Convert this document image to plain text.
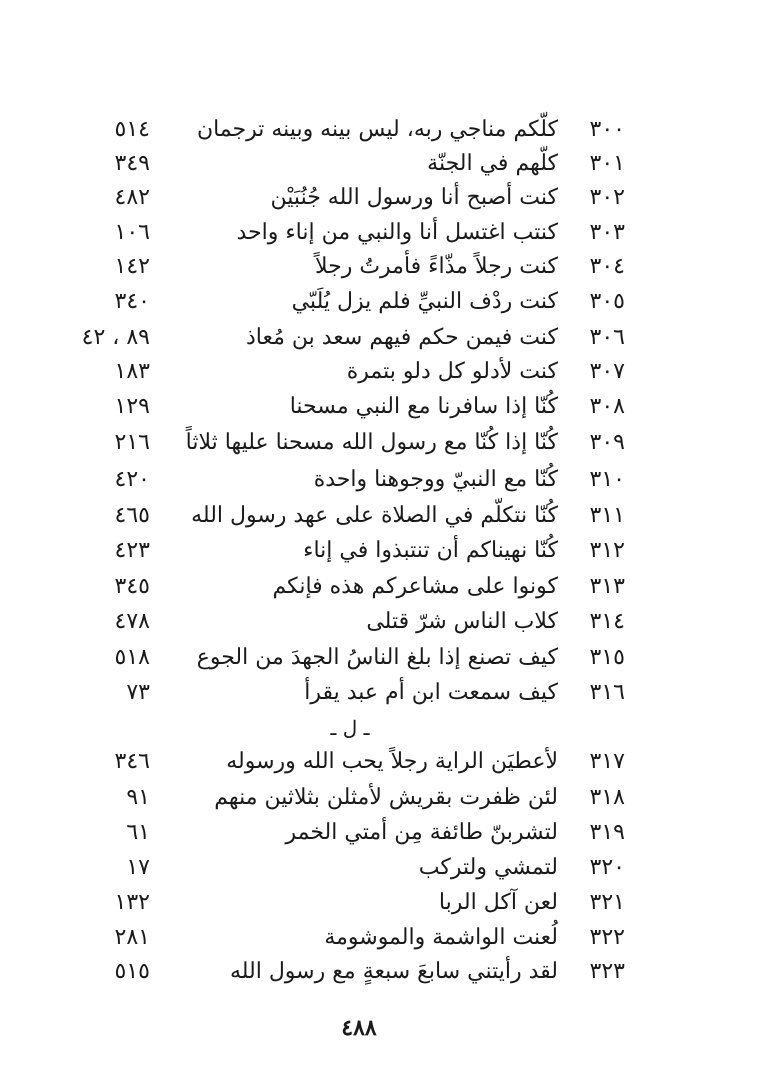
٣٠٠
كلّكم مناجي ربه، ليس بينه وبينه ترجمان
٥١٤
٣٠١
كلّهم في الجنّة
٣٤٩
٣٠٢
كنت أصبح أنا ورسول الله جُنُبَيْن
٤٨٢
٣٠٣
كنتب اغتسل أنا والنبي من إناء واحد
١٠٦
٣٠٤
كنت رجلاً مذّاءً فأمرتُ رجلاً
١٤٢
٣٠٥
كنت ردْف النبيِّ فلم يزل يُلَبّي
٣٤٠
٣٠٦
كنت فيمن حكم فيهم سعد بن مُعاذ
٨٩ ، ٤٢
٣٠٧
كنت لأدلو كل دلو بتمرة
١٨٣
٣٠٨
كُنّا إذا سافرنا مع النبي مسحنا
١٢٩
٣٠٩
كُنّا إذا كُنّا مع رسول الله مسحنا عليها ثلاثاً
٢١٦
٣١٠
كُنّا مع النبيّ ووجوهنا واحدة
٤٢٠
٣١١
كُنّا نتكلّم في الصلاة على عهد رسول الله
٤٦٥
٣١٢
كُنّا نهيناكم أن تنتبذوا في إناء
٤٢٣
٣١٣
كونوا على مشاعركم هذه فإنكم
٣٤٥
٣١٤
كلاب الناس شرّ قتلى
٤٧٨
٣١٥
كيف تصنع إذا بلغ الناسُ الجهدَ من الجوع
٥١٨
٣١٦
كيف سمعت ابن أم عبد يقرأ
٧٣
ـ ل ـ
٣١٧
لأعطيَن الراية رجلاً يحب الله ورسوله
٣٤٦
٣١٨
لئن ظفرت بقريش لأمثلن بثلاثين منهم
٩١
٣١٩
لتشربنّ طائفة مِن أمتي الخمر
٦١
٣٢٠
لتمشي ولتركب
١٧
٣٢١
لعن آكل الربا
١٣٢
٣٢٢
لُعنت الواشمة والموشومة
٢٨١
٣٢٣
لقد رأيتني سابعَ سبعةٍ مع رسول الله
٥١٥
٤٨٨
